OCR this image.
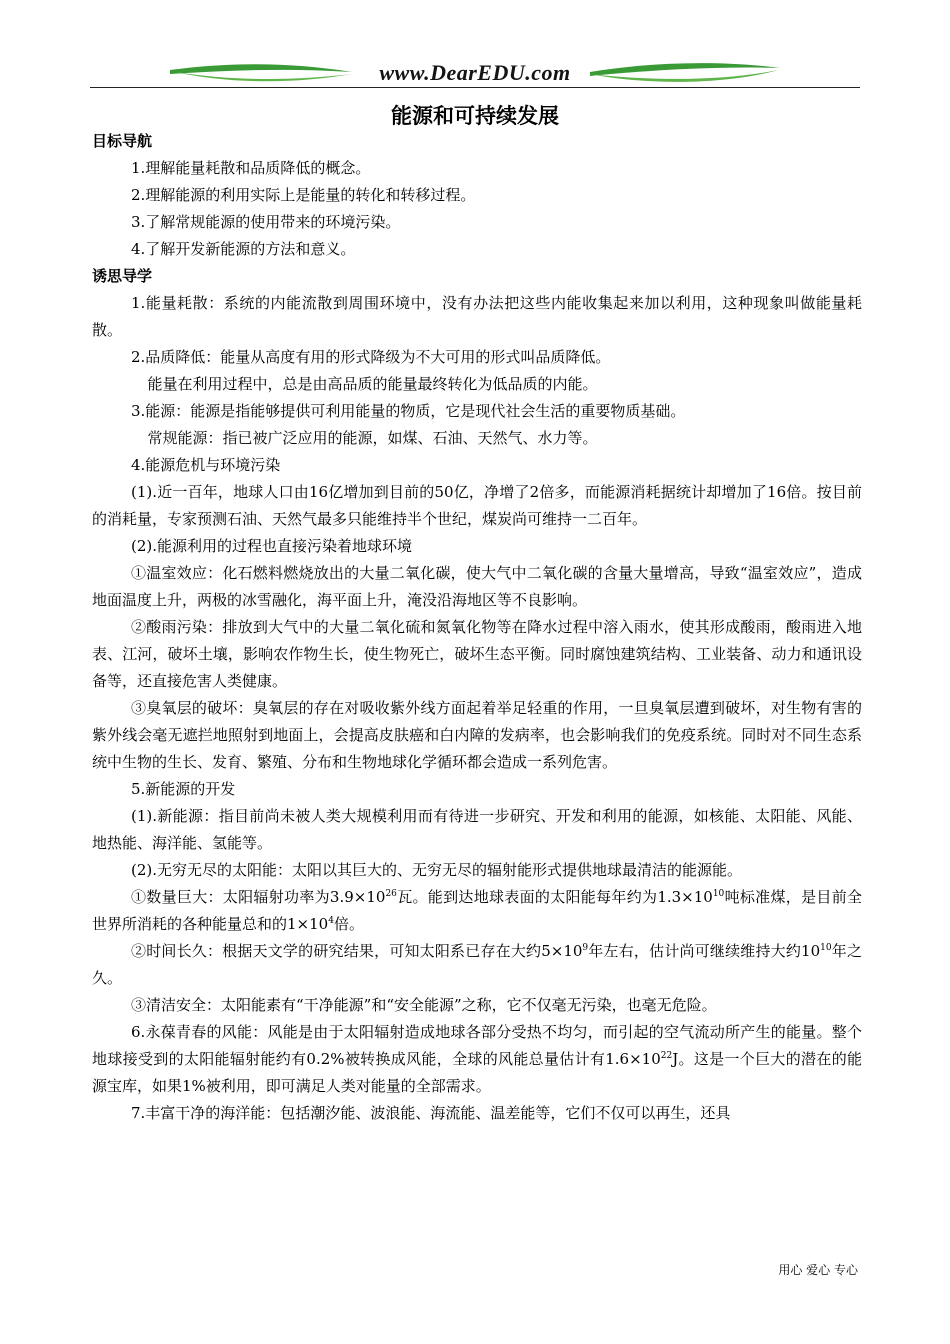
www.DearEDU.com
能源和可持续发展

目标导航

1.理解能量耗散和品质降低的概念。

2.理解能源的利用实际上是能量的转化和转移过程。

3.了解常规能源的使用带来的环境污染。

4.了解开发新能源的方法和意义。

诱思导学

1.能量耗散：系统的内能流散到周围环境中，没有办法把这些内能收集起来加以利用，这种现象叫做能量耗散。

2.品质降低：能量从高度有用的形式降级为不大可用的形式叫品质降低。

能量在利用过程中，总是由高品质的能量最终转化为低品质的内能。

3.能源：能源是指能够提供可利用能量的物质，它是现代社会生活的重要物质基础。

常规能源：指已被广泛应用的能源，如煤、石油、天然气、水力等。

4.能源危机与环境污染

(1).近一百年，地球人口由16亿增加到目前的50亿，净增了2倍多，而能源消耗据统计却增加了16倍。按目前的消耗量，专家预测石油、天然气最多只能维持半个世纪，煤炭尚可维持一二百年。

(2).能源利用的过程也直接污染着地球环境

①温室效应：化石燃料燃烧放出的大量二氧化碳，使大气中二氧化碳的含量大量增高，导致“温室效应”，造成地面温度上升，两极的冰雪融化，海平面上升，淹没沿海地区等不良影响。

②酸雨污染：排放到大气中的大量二氧化硫和氮氧化物等在降水过程中溶入雨水，使其形成酸雨，酸雨进入地表、江河，破坏土壤，影响农作物生长，使生物死亡，破坏生态平衡。同时腐蚀建筑结构、工业装备、动力和通讯设备等，还直接危害人类健康。

③臭氧层的破坏：臭氧层的存在对吸收紫外线方面起着举足轻重的作用，一旦臭氧层遭到破坏，对生物有害的紫外线会毫无遮拦地照射到地面上，会提高皮肤癌和白内障的发病率，也会影响我们的免疫系统。同时对不同生态系统中生物的生长、发育、繁殖、分布和生物地球化学循环都会造成一系列危害。

5.新能源的开发

(1).新能源：指目前尚未被人类大规模利用而有待进一步研究、开发和利用的能源，如核能、太阳能、风能、地热能、海洋能、氢能等。

(2).无穷无尽的太阳能：太阳以其巨大的、无穷无尽的辐射能形式提供地球最清洁的能源能。

①数量巨大：太阳辐射功率为$3.9\times 10^{26}$瓦。能到达地球表面的太阳能每年约为$1.3\times 10^{10}$吨标准煤，是目前全世界所消耗的各种能量总和的$1\times 10^4$倍。

②时间长久：根据天文学的研究结果，可知太阳系已存在大约$5\times 10^9$年左右，估计尚可继续维持大约$10^{10}$年之久。

③清洁安全：太阳能素有“干净能源”和“安全能源”之称，它不仅毫无污染，也毫无危险。

6.永葆青春的风能：风能是由于太阳辐射造成地球各部分受热不均匀，而引起的空气流动所产生的能量。整个地球接受到的太阳能辐射能约有0.2%被转换成风能，全球的风能总量估计有$1.6\times 10^{22}J$。这是一个巨大的潜在的能源宝库，如果1%被利用，即可满足人类对能量的全部需求。

7.丰富干净的海洋能：包括潮汐能、波浪能、海流能、温差能等，它们不仅可以再生，还具

用心 爱心 专心
